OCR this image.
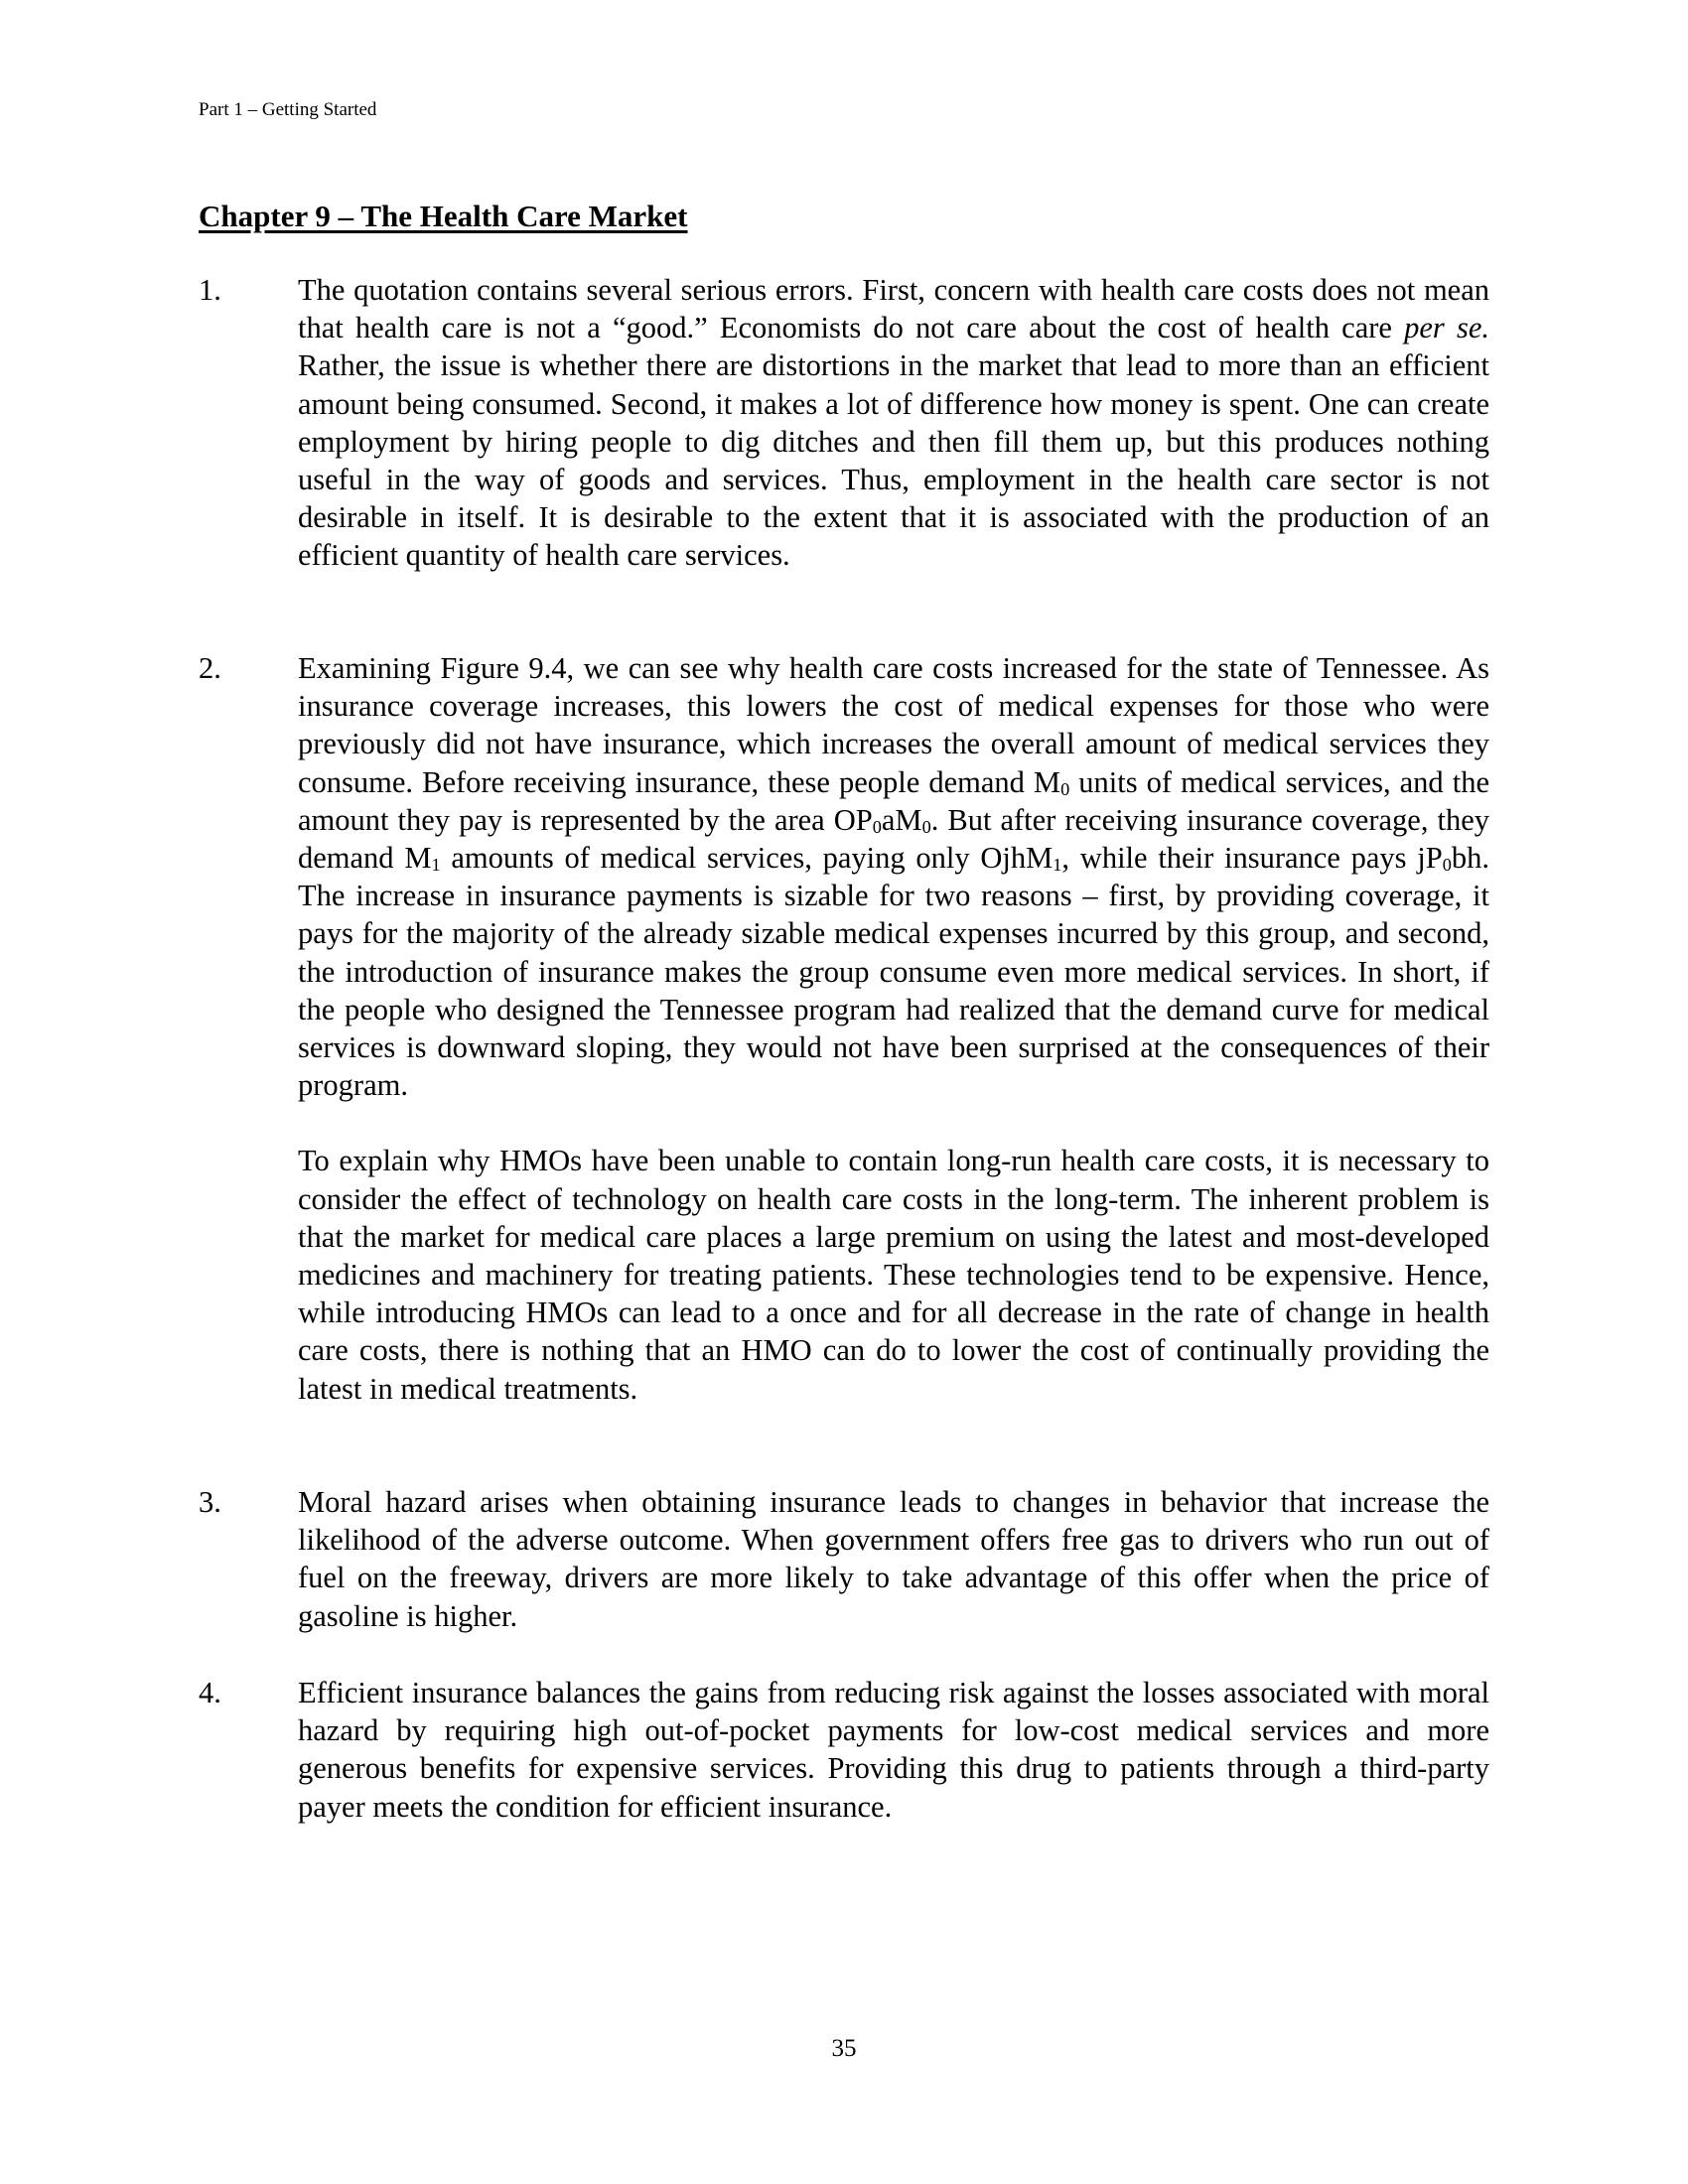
Part 1 – Getting Started
Chapter 9 – The Health Care Market
1.	The quotation contains several serious errors. First, concern with health care costs does not mean that health care is not a “good.” Economists do not care about the cost of health care per se. Rather, the issue is whether there are distortions in the market that lead to more than an efficient amount being consumed. Second, it makes a lot of difference how money is spent. One can create employment by hiring people to dig ditches and then fill them up, but this produces nothing useful in the way of goods and services. Thus, employment in the health care sector is not desirable in itself. It is desirable to the extent that it is associated with the production of an efficient quantity of health care services.

2.	Examining Figure 9.4, we can see why health care costs increased for the state of Tennessee. As insurance coverage increases, this lowers the cost of medical expenses for those who were previously did not have insurance, which increases the overall amount of medical services they consume. Before receiving insurance, these people demand $M_0$ units of medical services, and the amount they pay is represented by the area $OP_0aM_0$. But after receiving insurance coverage, they demand $M_1$ amounts of medical services, paying only OjhM$_1$, while their insurance pays $jP_0bh$. The increase in insurance payments is sizable for two reasons – first, by providing coverage, it pays for the majority of the already sizable medical expenses incurred by this group, and second, the introduction of insurance makes the group consume even more medical services. In short, if the people who designed the Tennessee program had realized that the demand curve for medical services is downward sloping, they would not have been surprised at the consequences of their program.

To explain why HMOs have been unable to contain long-run health care costs, it is necessary to consider the effect of technology on health care costs in the long-term. The inherent problem is that the market for medical care places a large premium on using the latest and most-developed medicines and machinery for treating patients. These technologies tend to be expensive. Hence, while introducing HMOs can lead to a once and for all decrease in the rate of change in health care costs, there is nothing that an HMO can do to lower the cost of continually providing the latest in medical treatments.

3.	Moral hazard arises when obtaining insurance leads to changes in behavior that increase the likelihood of the adverse outcome. When government offers free gas to drivers who run out of fuel on the freeway, drivers are more likely to take advantage of this offer when the price of gasoline is higher.

4.	Efficient insurance balances the gains from reducing risk against the losses associated with moral hazard by requiring high out-of-pocket payments for low-cost medical services and more generous benefits for expensive services. Providing this drug to patients through a third-party payer meets the condition for efficient insurance.

35
